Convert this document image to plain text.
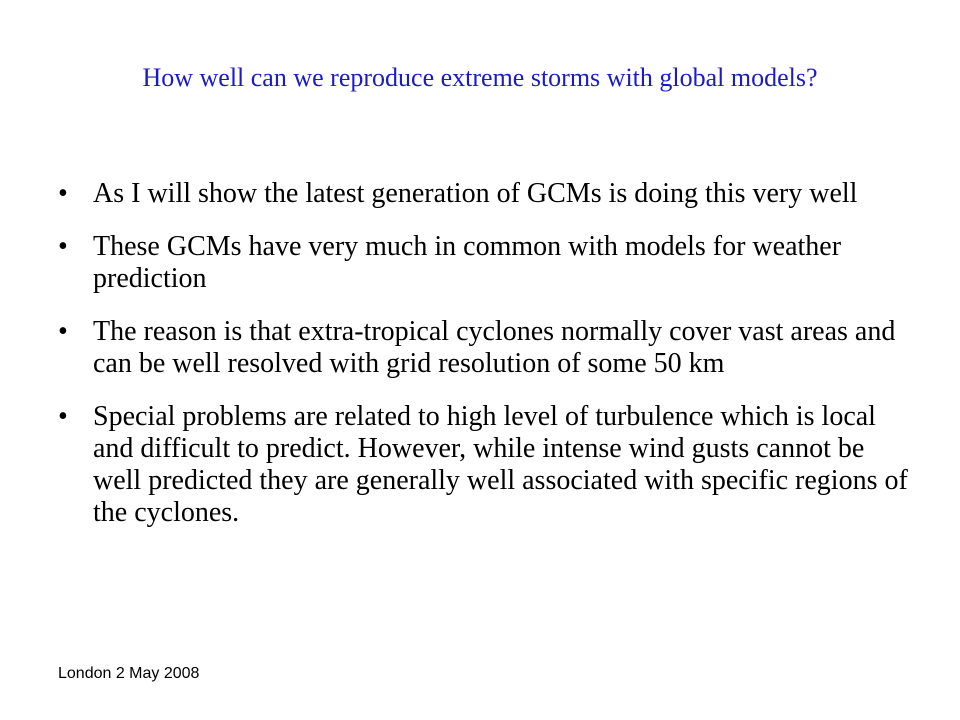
How well can we reproduce extreme storms with global models?
• As I will show the latest generation of GCMs is doing this very well
• These GCMs have very much in common with models for weather prediction
• The reason is that extra-tropical cyclones normally cover vast areas and can be well resolved with grid resolution of some 50 km
• Special problems are related to high level of turbulence which is local and difficult to predict. However, while intense wind gusts cannot be well predicted they are generally well associated with specific regions of the cyclones.
London 2 May 2008
